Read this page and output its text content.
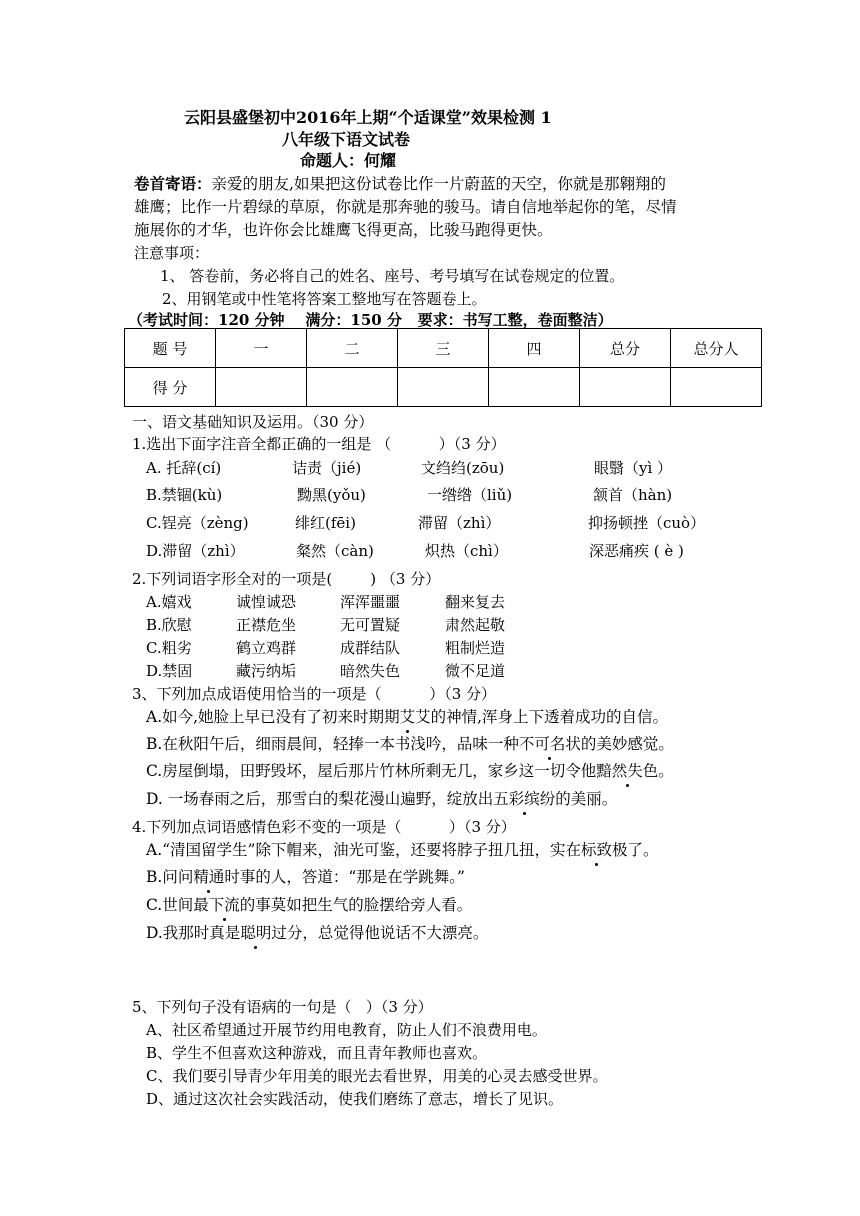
云阳县盛堡初中2016年上期“个适课堂”效果检测 1
八年级下语文试卷
命题人：何耀
卷首寄语：亲爱的朋友,如果把这份试卷比作一片蔚蓝的天空，你就是那翱翔的
雄鹰；比作一片碧绿的草原，你就是那奔驰的骏马。请自信地举起你的笔，尽情
施展你的才华，也许你会比雄鹰飞得更高，比骏马跑得更快。
注意事项：
1、 答卷前，务必将自己的姓名、座号、考号填写在试卷规定的位置。
2、用钢笔或中性笔将答案工整地写在答题卷上。
（考试时间：120 分钟    满分：150 分   要求：书写工整，卷面整洁）
题 号	一	二	三	四	总分	总分人
得 分						
一、语文基础知识及运用。（30 分）
1.选出下面字注音全都正确的一组是 （          ）（3 分）
A. 托辞(cí)	诘责（jié)	文绉绉(zōu)	眼翳（yì ）
B.禁锢(kù)	黝黑(yǒu)	一绺绺（liǔ)	颔首（hàn)
C.锃亮（zèng)	绯红(fēi)	滞留（zhì）	抑扬顿挫（cuò）
D.滞留（zhì）	粲然（càn)	炽热（chì）	深恶痛疾 ( è )
2.下列词语字形全对的一项是(        ) （3 分）
A.嬉戏	诚惶诚恐	浑浑噩噩	翻来复去
B.欣慰	正襟危坐	无可置疑	肃然起敬
C.粗劣	鹤立鸡群	成群结队	粗制烂造
D.禁固	藏污纳垢	暗然失色	微不足道
3、下列加点成语使用恰当的一项是（          ）（3 分）
A.如今,她脸上早已没有了初来时期期艾艾的神情,浑身上下透着成功的自信。
B.在秋阳午后，细雨晨间，轻捧一本书浅吟，品味一种不可名状的美妙感觉。
C.房屋倒塌，田野毁坏，屋后那片竹林所剩无几，家乡这一切令他黯然失色。
D. 一场春雨之后，那雪白的梨花漫山遍野，绽放出五彩缤纷的美丽。
4.下列加点词语感情色彩不变的一项是（          ）（3 分）
A.“清国留学生”除下帽来，油光可鉴，还要将脖子扭几扭，实在标致极了。
B.问问精通时事的人，答道：“那是在学跳舞。”
C.世间最下流的事莫如把生气的脸摆给旁人看。
D.我那时真是聪明过分，总觉得他说话不大漂亮。
5、下列句子没有语病的一句是（   ）（3 分）
A、社区希望通过开展节约用电教育，防止人们不浪费用电。
B、学生不但喜欢这种游戏，而且青年教师也喜欢。
C、我们要引导青少年用美的眼光去看世界，用美的心灵去感受世界。
D、通过这次社会实践活动，使我们磨练了意志，增长了见识。
